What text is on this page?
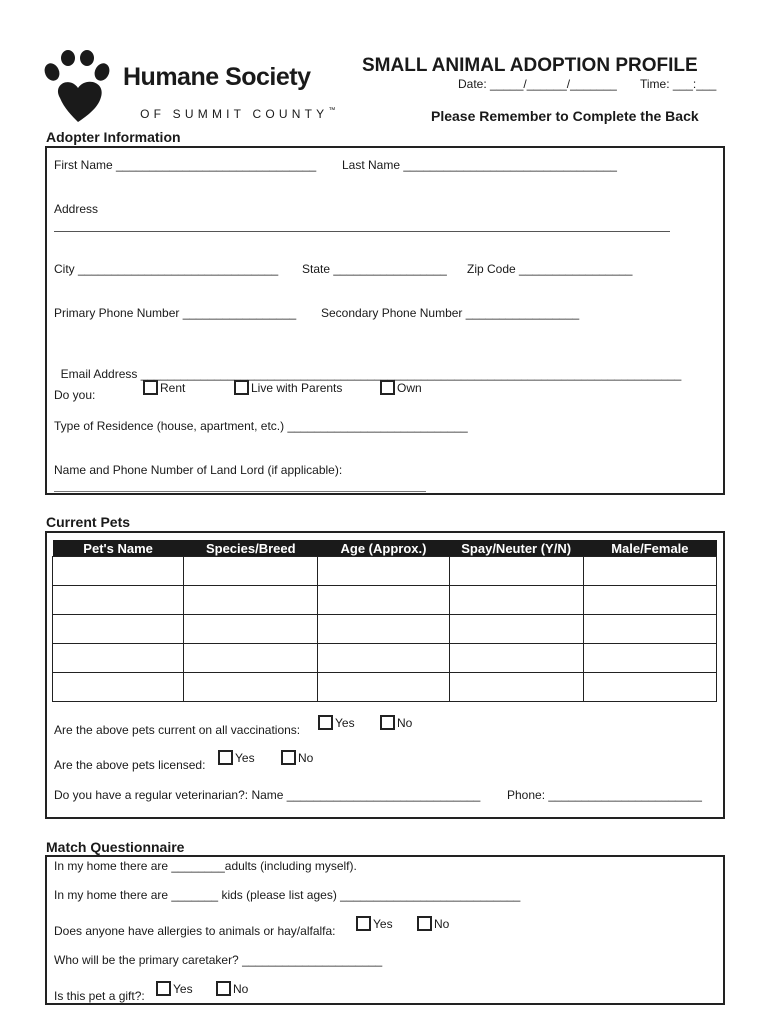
Humane Society

OF SUMMIT COUNTY™

SMALL ANIMAL ADOPTION PROFILE
Date: _____/______/_______ Time: ___:___
Please Remember to Complete the Back
Adopter Information
First Name ______________________________ Last Name ________________________________
Address
City ______________________________ State _________________ Zip Code _________________
Primary Phone Number _________________ Secondary Phone Number _________________

Email Address _________________________________________________________________________________

Do you:	Rent	Live with Parents	Own
Type of Residence (house, apartment, etc.) ___________________________
Name and Phone Number of Land Lord (if applicable):
Current Pets
Pet's Name	Species/Breed	Age (Approx.)	Spay/Neuter (Y/N)	Male/Female

Are the above pets current on all vaccinations:	Yes	No
Are the above pets licensed: Yes	No
Do you have a regular veterinarian?: Name _____________________________ Phone: _______________________
Match Questionnaire
In my home there are ________adults (including myself).
In my home there are _______ kids (please list ages) ___________________________
Does anyone have allergies to animals or hay/alfalfa:	Yes	No
Who will be the primary caretaker? _____________________
Is this pet a gift?: Yes	No
